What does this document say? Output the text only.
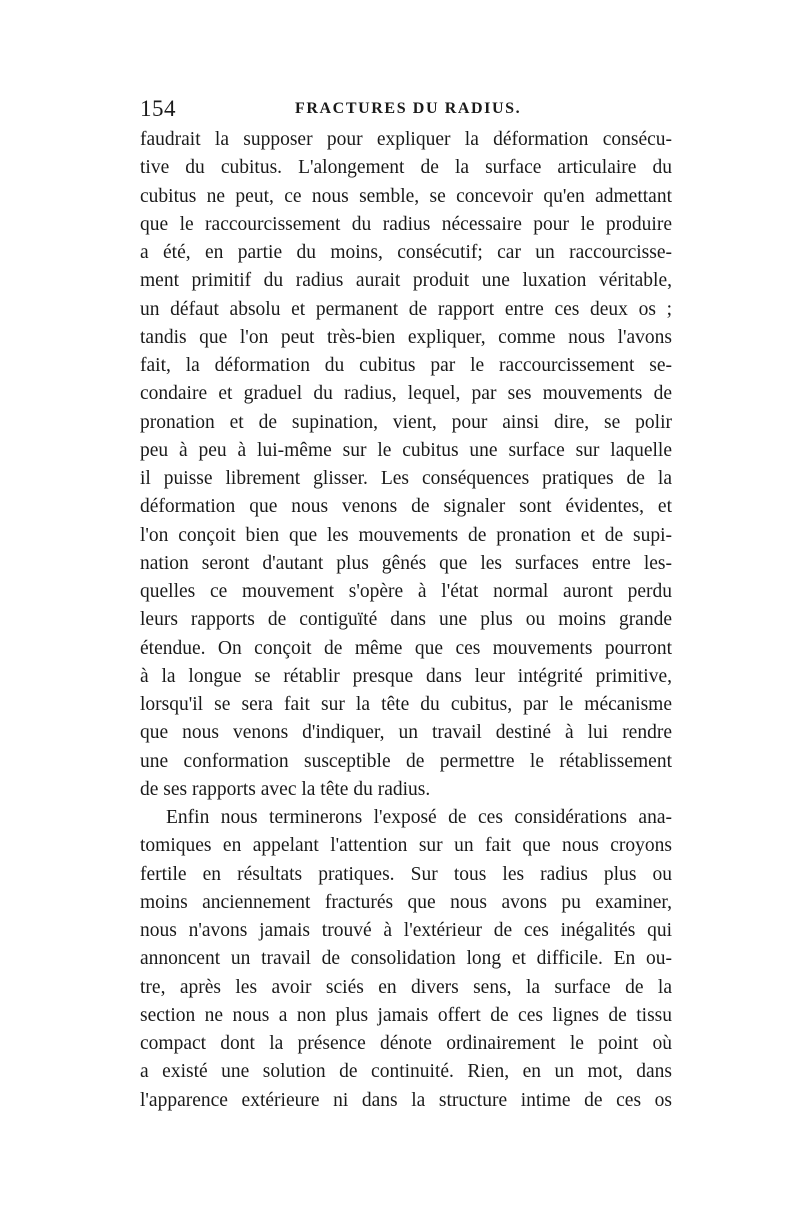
154	FRACTURES DU RADIUS.
faudrait la supposer pour expliquer la déformation consécu-
tive du cubitus. L'alongement de la surface articulaire du
cubitus ne peut, ce nous semble, se concevoir qu'en admettant
que le raccourcissement du radius nécessaire pour le produire
a été, en partie du moins, consécutif; car un raccourcisse-
ment primitif du radius aurait produit une luxation véritable,
un défaut absolu et permanent de rapport entre ces deux os ;
tandis que l'on peut très-bien expliquer, comme nous l'avons
fait, la déformation du cubitus par le raccourcissement se-
condaire et graduel du radius, lequel, par ses mouvements de
pronation et de supination, vient, pour ainsi dire, se polir
peu à peu à lui-même sur le cubitus une surface sur laquelle
il puisse librement glisser. Les conséquences pratiques de la
déformation que nous venons de signaler sont évidentes, et
l'on conçoit bien que les mouvements de pronation et de supi-
nation seront d'autant plus gênés que les surfaces entre les-
quelles ce mouvement s'opère à l'état normal auront perdu
leurs rapports de contiguïté dans une plus ou moins grande
étendue. On conçoit de même que ces mouvements pourront
à la longue se rétablir presque dans leur intégrité primitive,
lorsqu'il se sera fait sur la tête du cubitus, par le mécanisme
que nous venons d'indiquer, un travail destiné à lui rendre
une conformation susceptible de permettre le rétablissement
de ses rapports avec la tête du radius.
Enfin nous terminerons l'exposé de ces considérations ana-
tomiques en appelant l'attention sur un fait que nous croyons
fertile en résultats pratiques. Sur tous les radius plus ou
moins anciennement fracturés que nous avons pu examiner,
nous n'avons jamais trouvé à l'extérieur de ces inégalités qui
annoncent un travail de consolidation long et difficile. En ou-
tre, après les avoir sciés en divers sens, la surface de la
section ne nous a non plus jamais offert de ces lignes de tissu
compact dont la présence dénote ordinairement le point où
a existé une solution de continuité. Rien, en un mot, dans
l'apparence extérieure ni dans la structure intime de ces os
